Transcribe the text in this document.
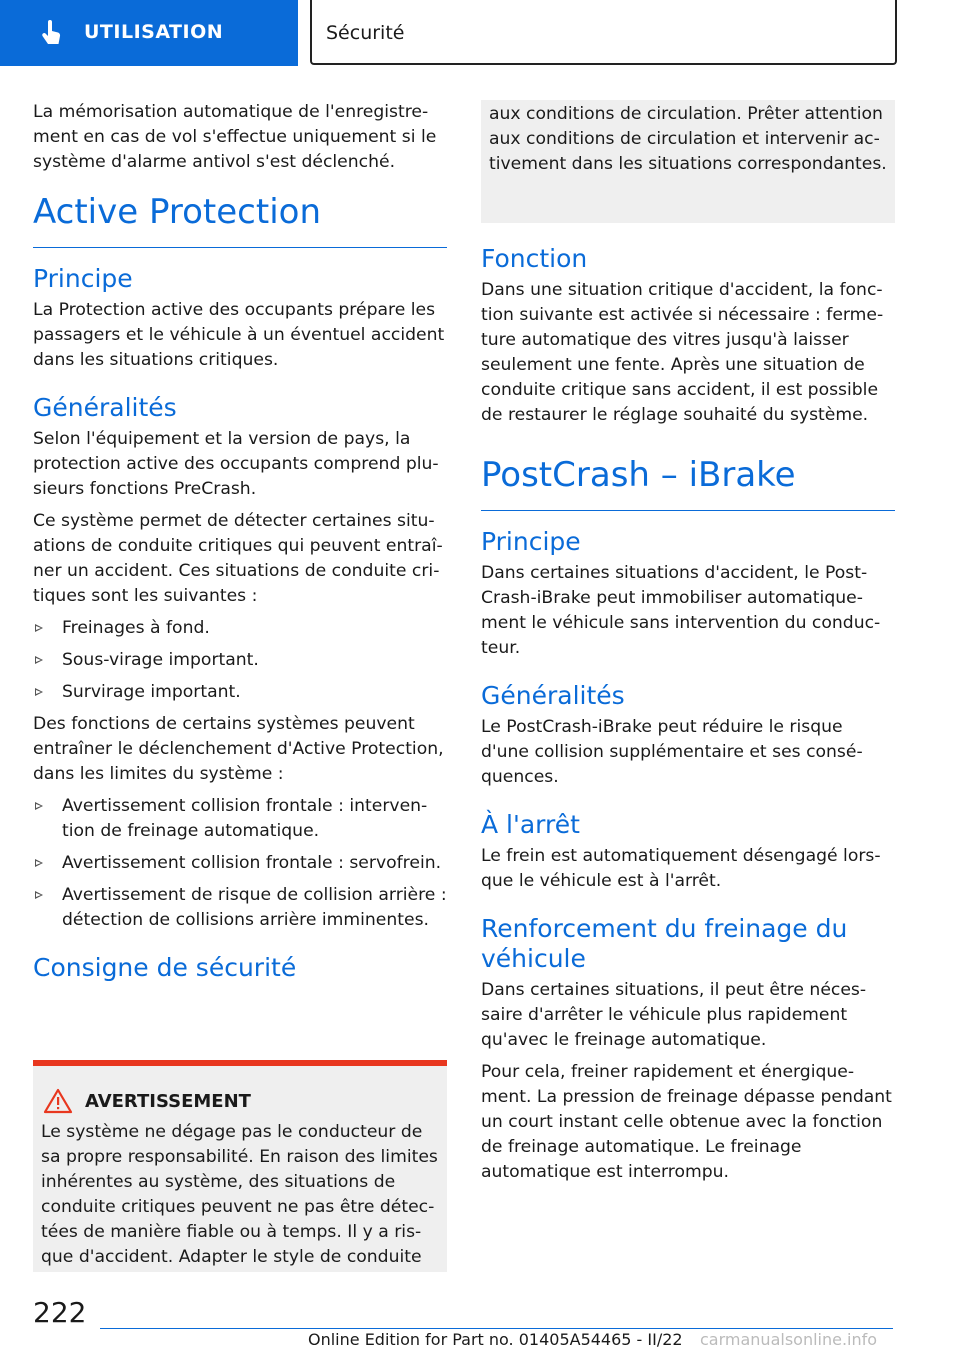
UTILISATION	Sécurité

La mémorisation automatique de l'enregistrement en cas de vol s'effectue uniquement si le système d'alarme antivol s'est déclenché.

Active Protection
Principe

La Protection active des occupants prépare les passagers et le véhicule à un éventuel accident dans les situations critiques.

Généralités

Selon l'équipement et la version de pays, la protection active des occupants comprend plusieurs fonctions PreCrash.

Ce système permet de détecter certaines situations de conduite critiques qui peuvent entraîner un accident. Ces situations de conduite critiques sont les suivantes :

Freinages à fond.
Sous-virage important.
Survirage important.

Des fonctions de certains systèmes peuvent entraîner le déclenchement d'Active Protection, dans les limites du système :

Avertissement collision frontale : intervention de freinage automatique.
Avertissement collision frontale : servofrein.
Avertissement de risque de collision arrière : détection de collisions arrière imminentes.
Consigne de sécurité
AVERTISSEMENT

Le système ne dégage pas le conducteur de sa propre responsabilité. En raison des limites inhérentes au système, des situations de conduite critiques peuvent ne pas être détectées de manière fiable ou à temps. Il y a risque d'accident. Adapter le style de conduite

aux conditions de circulation. Prêter attention aux conditions de circulation et intervenir activement dans les situations correspondantes.

Fonction

Dans une situation critique d'accident, la fonction suivante est activée si nécessaire : fermeture automatique des vitres jusqu'à laisser seulement une fente. Après une situation de conduite critique sans accident, il est possible de restaurer le réglage souhaité du système.

PostCrash – iBrake
Principe

Dans certaines situations d'accident, le PostCrash-iBrake peut immobiliser automatiquement le véhicule sans intervention du conducteur.

Généralités

Le PostCrash-iBrake peut réduire le risque d'une collision supplémentaire et ses conséquences.

À l'arrêt

Le frein est automatiquement désengagé lorsque le véhicule est à l'arrêt.

Renforcement du freinage du véhicule

Dans certaines situations, il peut être nécessaire d'arrêter le véhicule plus rapidement qu'avec le freinage automatique.

Pour cela, freiner rapidement et énergiquement. La pression de freinage dépasse pendant un court instant celle obtenue avec la fonction de freinage automatique. Le freinage automatique est interrompu.

222
Online Edition for Part no. 01405A54465 - II/22 carmanualsonline.info
